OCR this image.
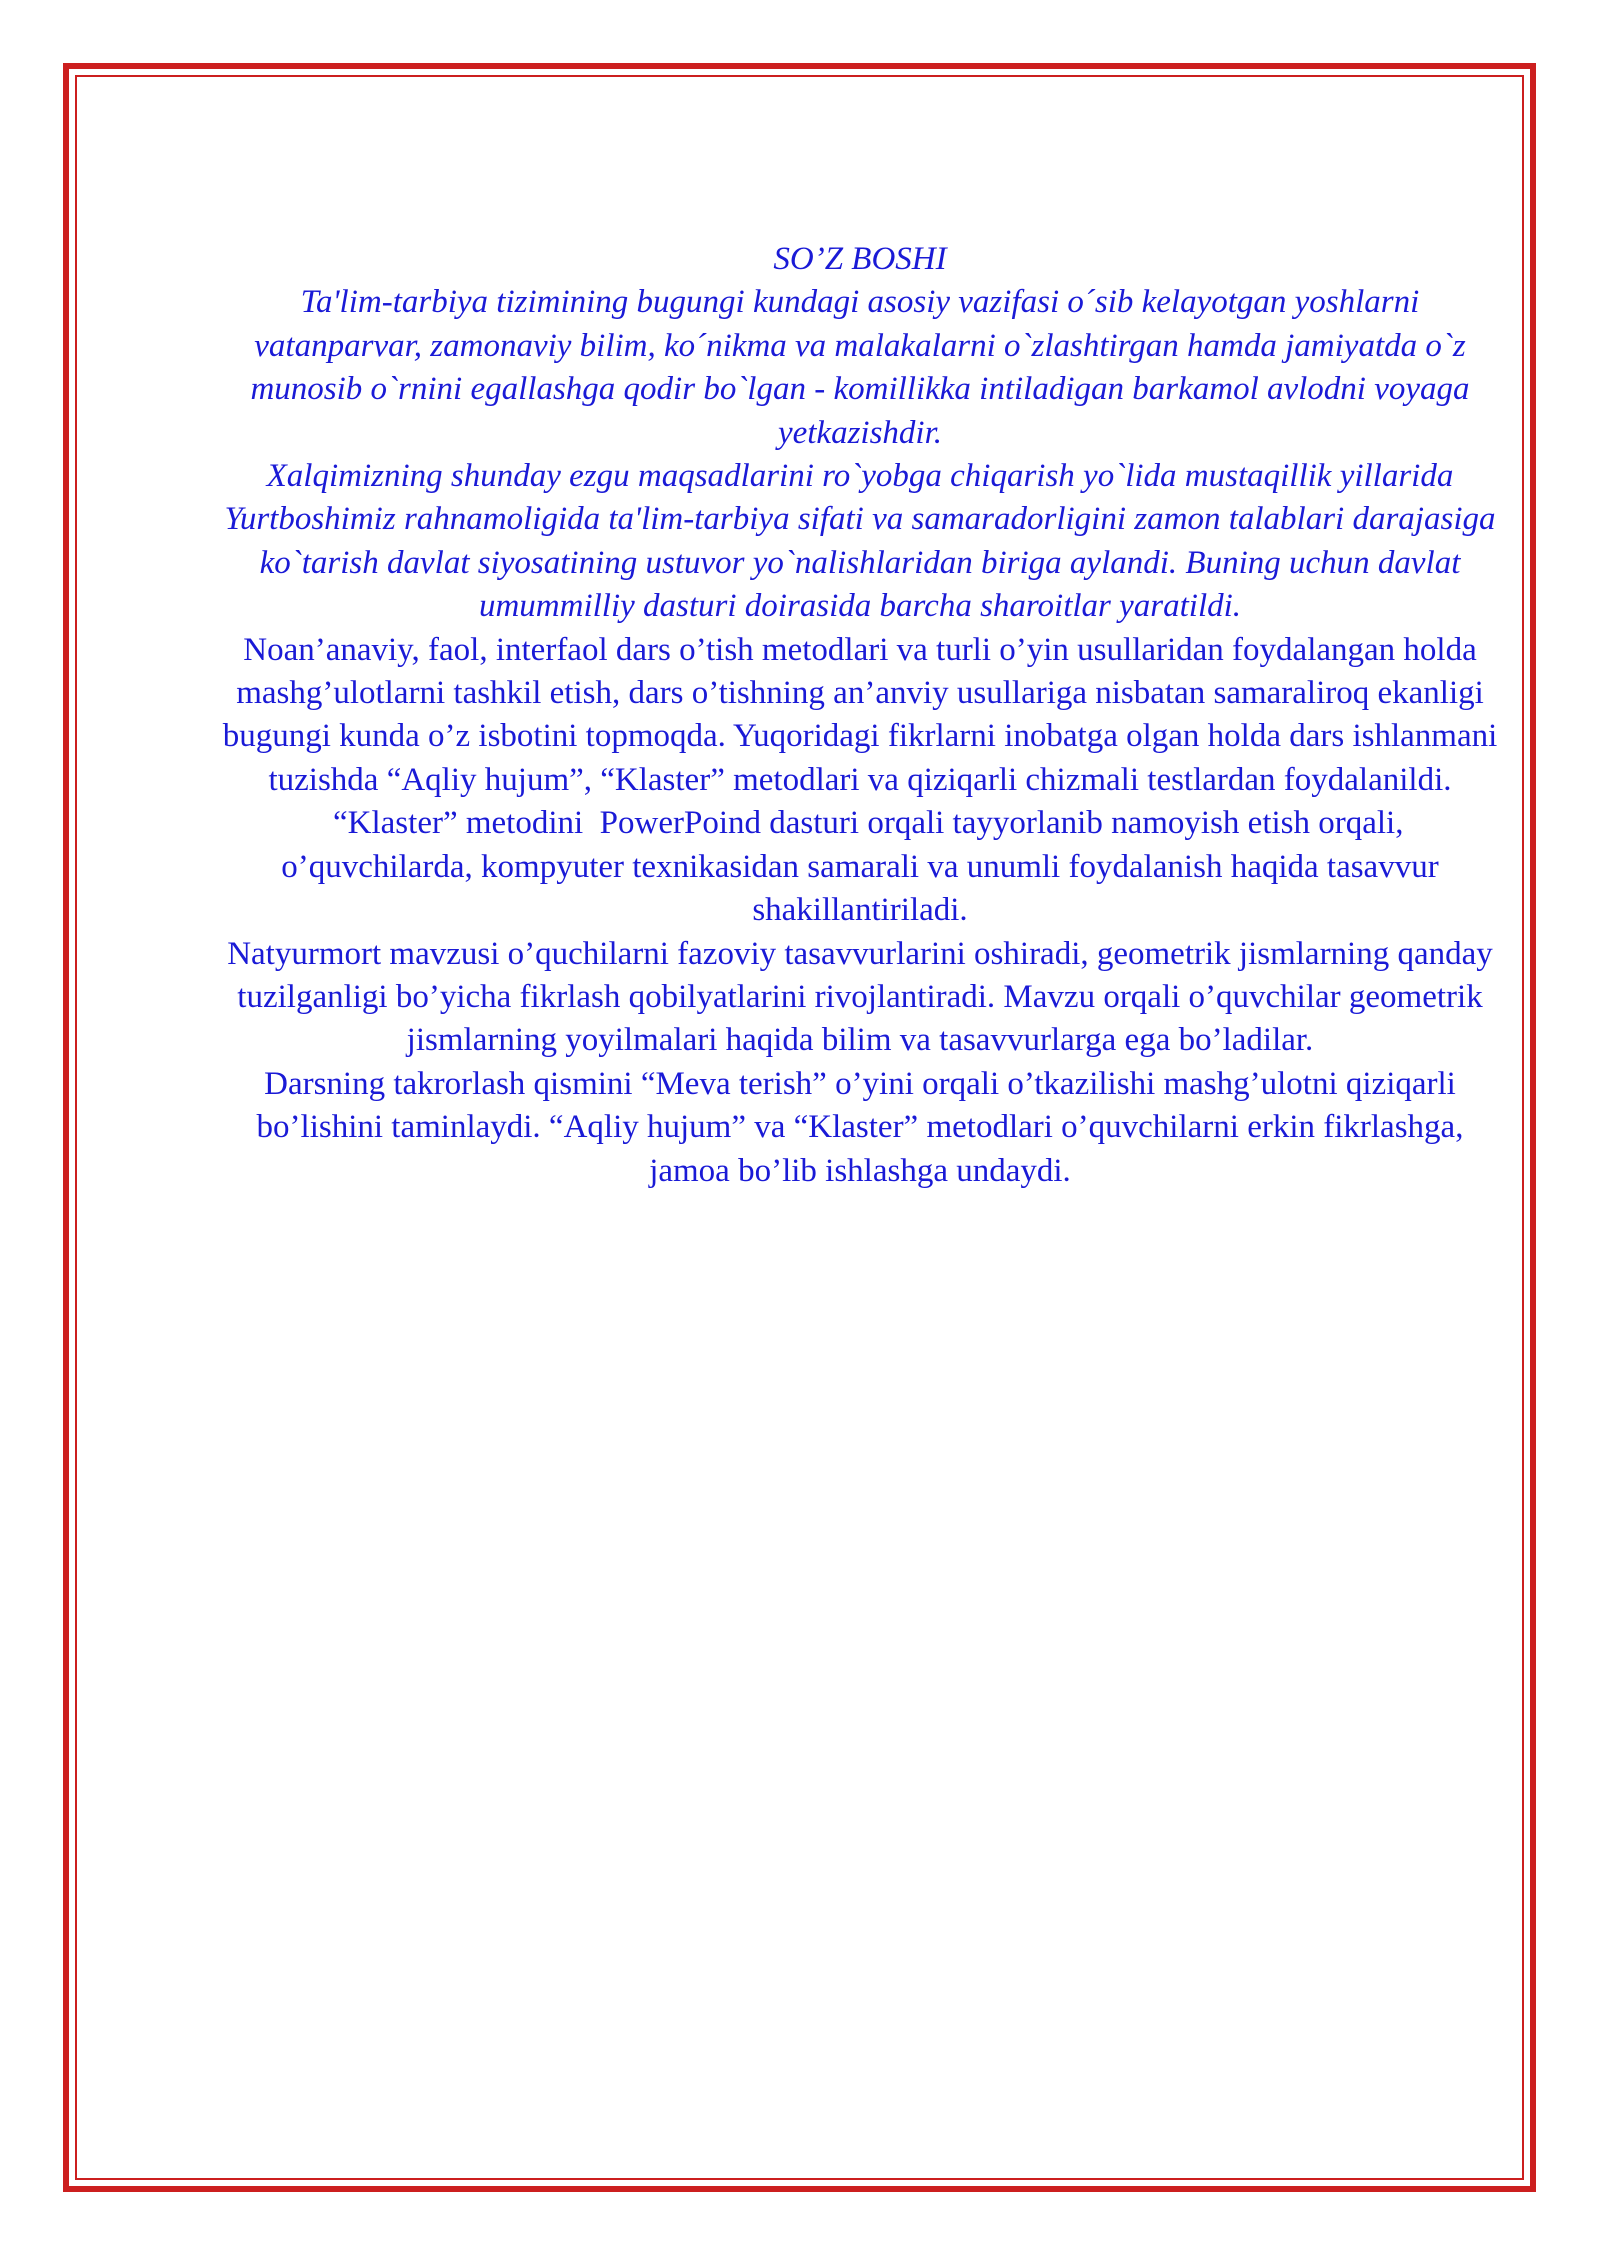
SO’Z BOSHI

Ta'lim-tarbiya tizimining bugungi kundagi asosiy vazifasi o´sib kelayotgan yoshlarni vatanparvar, zamonaviy bilim, ko´nikma va malakalarni o`zlashtirgan hamda jamiyatda o`z munosib o`rnini egallashga qodir bo`lgan - komillikka intiladigan barkamol avlodni voyaga yetkazishdir.

Xalqimizning shunday ezgu maqsadlarini ro`yobga chiqarish yo`lida mustaqillik yillarida Yurtboshimiz rahnamoligida ta'lim-tarbiya sifati va samaradorligini zamon talablari darajasiga ko`tarish davlat siyosatining ustuvor yo`nalishlaridan biriga aylandi. Buning uchun davlat umummilliy dasturi doirasida barcha sharoitlar yaratildi.

Noan’anaviy, faol, interfaol dars o’tish metodlari va turli o’yin usullaridan foydalangan holda mashg’ulotlarni tashkil etish, dars o’tishning an’anviy usullariga nisbatan samaraliroq ekanligi bugungi kunda o’z isbotini topmoqda. Yuqoridagi fikrlarni inobatga olgan holda dars ishlanmani tuzishda “Aqliy hujum”, “Klaster” metodlari va qiziqarli chizmali testlardan foydalanildi.

“Klaster” metodini  PowerPoind dasturi orqali tayyorlanib namoyish etish orqali, o’quvchilarda, kompyuter texnikasidan samarali va unumli foydalanish haqida tasavvur shakillantiriladi.

Natyurmort mavzusi o’quchilarni fazoviy tasavvurlarini oshiradi, geometrik jismlarning qanday tuzilganligi bo’yicha fikrlash qobilyatlarini rivojlantiradi. Mavzu orqali o’quvchilar geometrik jismlarning yoyilmalari haqida bilim va tasavvurlarga ega bo’ladilar.

Darsning takrorlash qismini “Meva terish” o’yini orqali o’tkazilishi mashg’ulotni qiziqarli bo’lishini taminlaydi. “Aqliy hujum” va “Klaster” metodlari o’quvchilarni erkin fikrlashga, jamoa bo’lib ishlashga undaydi.
